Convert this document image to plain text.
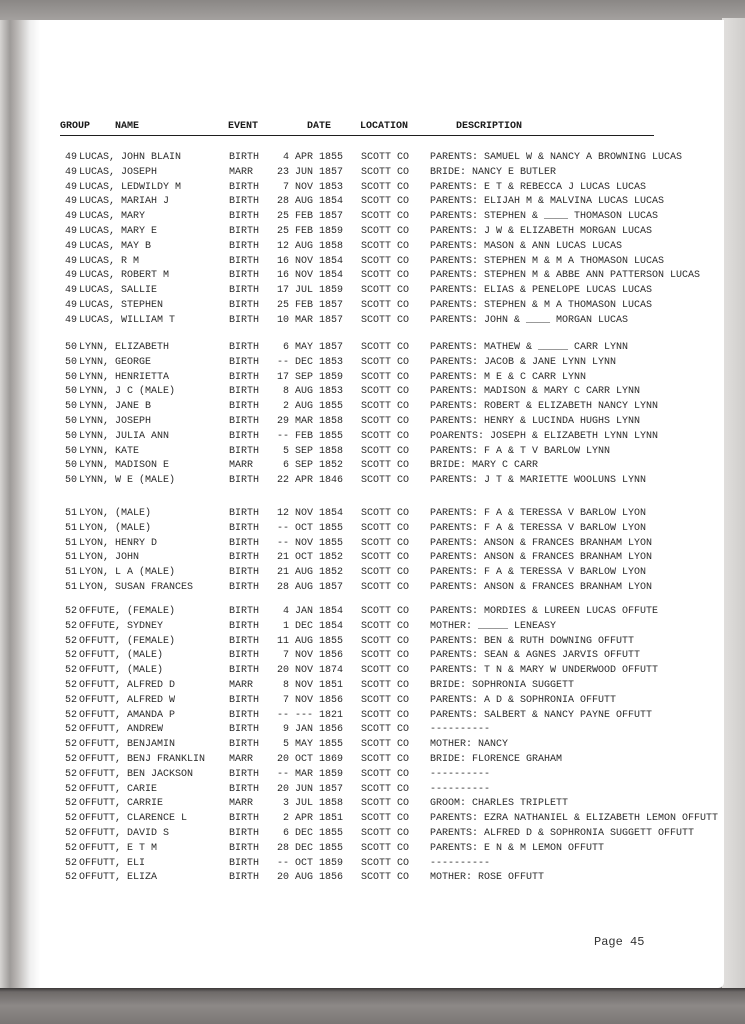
GROUP NAME	EVENT	DATE	LOCATION	DESCRIPTION
49 LUCAS, JOHN BLAIN	BIRTH	4 APR 1855 SCOTT CO PARENTS: SAMUEL W & NANCY A BROWNING LUCAS
49 LUCAS, JOSEPH	MARR	23 JUN 1857 SCOTT CO BRIDE: NANCY E BUTLER
49 LUCAS, LEDWILDY M	BIRTH	7 NOV 1853 SCOTT CO PARENTS: E T & REBECCA J LUCAS LUCAS
49 LUCAS, MARIAH J	BIRTH	28 AUG 1854 SCOTT CO PARENTS: ELIJAH M & MALVINA LUCAS LUCAS
49 LUCAS, MARY	BIRTH	25 FEB 1857 SCOTT CO PARENTS: STEPHEN & ____ THOMASON LUCAS
49 LUCAS, MARY E	BIRTH	25 FEB 1859 SCOTT CO PARENTS: J W & ELIZABETH MORGAN LUCAS
49 LUCAS, MAY B	BIRTH	12 AUG 1858 SCOTT CO PARENTS: MASON & ANN LUCAS LUCAS
49 LUCAS, R M	BIRTH	16 NOV 1854 SCOTT CO PARENTS: STEPHEN M & M A THOMASON LUCAS
49 LUCAS, ROBERT M	BIRTH	16 NOV 1854 SCOTT CO PARENTS: STEPHEN M & ABBE ANN PATTERSON LUCAS
49 LUCAS, SALLIE	BIRTH	17 JUL 1859 SCOTT CO PARENTS: ELIAS & PENELOPE LUCAS LUCAS
49 LUCAS, STEPHEN	BIRTH	25 FEB 1857 SCOTT CO PARENTS: STEPHEN & M A THOMASON LUCAS
49 LUCAS, WILLIAM T	BIRTH	10 MAR 1857 SCOTT CO PARENTS: JOHN & ____ MORGAN LUCAS
50 LYNN, ELIZABETH	BIRTH	6 MAY 1857 SCOTT CO PARENTS: MATHEW & _____ CARR LYNN
50 LYNN, GEORGE	BIRTH	-- DEC 1853 SCOTT CO PARENTS: JACOB & JANE LYNN LYNN
50 LYNN, HENRIETTA	BIRTH	17 SEP 1859 SCOTT CO PARENTS: M E & C CARR LYNN
50 LYNN, J C (MALE)	BIRTH	8 AUG 1853 SCOTT CO PARENTS: MADISON & MARY C CARR LYNN
50 LYNN, JANE B	BIRTH	2 AUG 1855 SCOTT CO PARENTS: ROBERT & ELIZABETH NANCY LYNN
50 LYNN, JOSEPH	BIRTH	29 MAR 1858 SCOTT CO PARENTS: HENRY & LUCINDA HUGHS LYNN
50 LYNN, JULIA ANN	BIRTH	-- FEB 1855 SCOTT CO POARENTS: JOSEPH & ELIZABETH LYNN LYNN
50 LYNN, KATE	BIRTH	5 SEP 1858 SCOTT CO PARENTS: F A & T V BARLOW LYNN
50 LYNN, MADISON E	MARR	6 SEP 1852 SCOTT CO BRIDE: MARY C CARR
50 LYNN, W E (MALE)	BIRTH	22 APR 1846 SCOTT CO PARENTS: J T & MARIETTE WOOLUNS LYNN
51 LYON, (MALE)	BIRTH	12 NOV 1854 SCOTT CO PARENTS: F A & TERESSA V BARLOW LYON
51 LYON, (MALE)	BIRTH	-- OCT 1855 SCOTT CO PARENTS: F A & TERESSA V BARLOW LYON
51 LYON, HENRY D	BIRTH	-- NOV 1855 SCOTT CO PARENTS: ANSON & FRANCES BRANHAM LYON
51 LYON, JOHN	BIRTH	21 OCT 1852 SCOTT CO PARENTS: ANSON & FRANCES BRANHAM LYON
51 LYON, L A (MALE)	BIRTH	21 AUG 1852 SCOTT CO PARENTS: F A & TERESSA V BARLOW LYON
51 LYON, SUSAN FRANCES	BIRTH	28 AUG 1857 SCOTT CO PARENTS: ANSON & FRANCES BRANHAM LYON
52 OFFUTE, (FEMALE)	BIRTH	4 JAN 1854 SCOTT CO PARENTS: MORDIES & LUREEN LUCAS OFFUTE
52 OFFUTE, SYDNEY	BIRTH	1 DEC 1854 SCOTT CO MOTHER: _____ LENEASY
52 OFFUTT, (FEMALE)	BIRTH	11 AUG 1855 SCOTT CO PARENTS: BEN & RUTH DOWNING OFFUTT
52 OFFUTT, (MALE)	BIRTH	7 NOV 1856 SCOTT CO PARENTS: SEAN & AGNES JARVIS OFFUTT
52 OFFUTT, (MALE)	BIRTH	20 NOV 1874 SCOTT CO PARENTS: T N & MARY W UNDERWOOD OFFUTT
52 OFFUTT, ALFRED D	MARR	8 NOV 1851 SCOTT CO BRIDE: SOPHRONIA SUGGETT
52 OFFUTT, ALFRED W	BIRTH	7 NOV 1856 SCOTT CO PARENTS: A D & SOPHRONIA OFFUTT
52 OFFUTT, AMANDA P	BIRTH	-- --- 1821 SCOTT CO PARENTS: SALBERT & NANCY PAYNE OFFUTT
52 OFFUTT, ANDREW	BIRTH	9 JAN 1856 SCOTT CO ----------
52 OFFUTT, BENJAMIN	BIRTH	5 MAY 1855 SCOTT CO MOTHER: NANCY
52 OFFUTT, BENJ FRANKLIN MARR	20 OCT 1869 SCOTT CO BRIDE: FLORENCE GRAHAM
52 OFFUTT, BEN JACKSON	BIRTH	-- MAR 1859 SCOTT CO ----------
52 OFFUTT, CARIE	BIRTH	20 JUN 1857 SCOTT CO ----------
52 OFFUTT, CARRIE	MARR	3 JUL 1858 SCOTT CO GROOM: CHARLES TRIPLETT
52 OFFUTT, CLARENCE L	BIRTH	2 APR 1851 SCOTT CO PARENTS: EZRA NATHANIEL & ELIZABETH LEMON OFFUTT
52 OFFUTT, DAVID S	BIRTH	6 DEC 1855 SCOTT CO PARENTS: ALFRED D & SOPHRONIA SUGGETT OFFUTT
52 OFFUTT, E T M	BIRTH	28 DEC 1855 SCOTT CO PARENTS: E N & M LEMON OFFUTT
52 OFFUTT, ELI	BIRTH	-- OCT 1859 SCOTT CO ----------
52 OFFUTT, ELIZA	BIRTH	20 AUG 1856 SCOTT CO MOTHER: ROSE OFFUTT
Page 45
